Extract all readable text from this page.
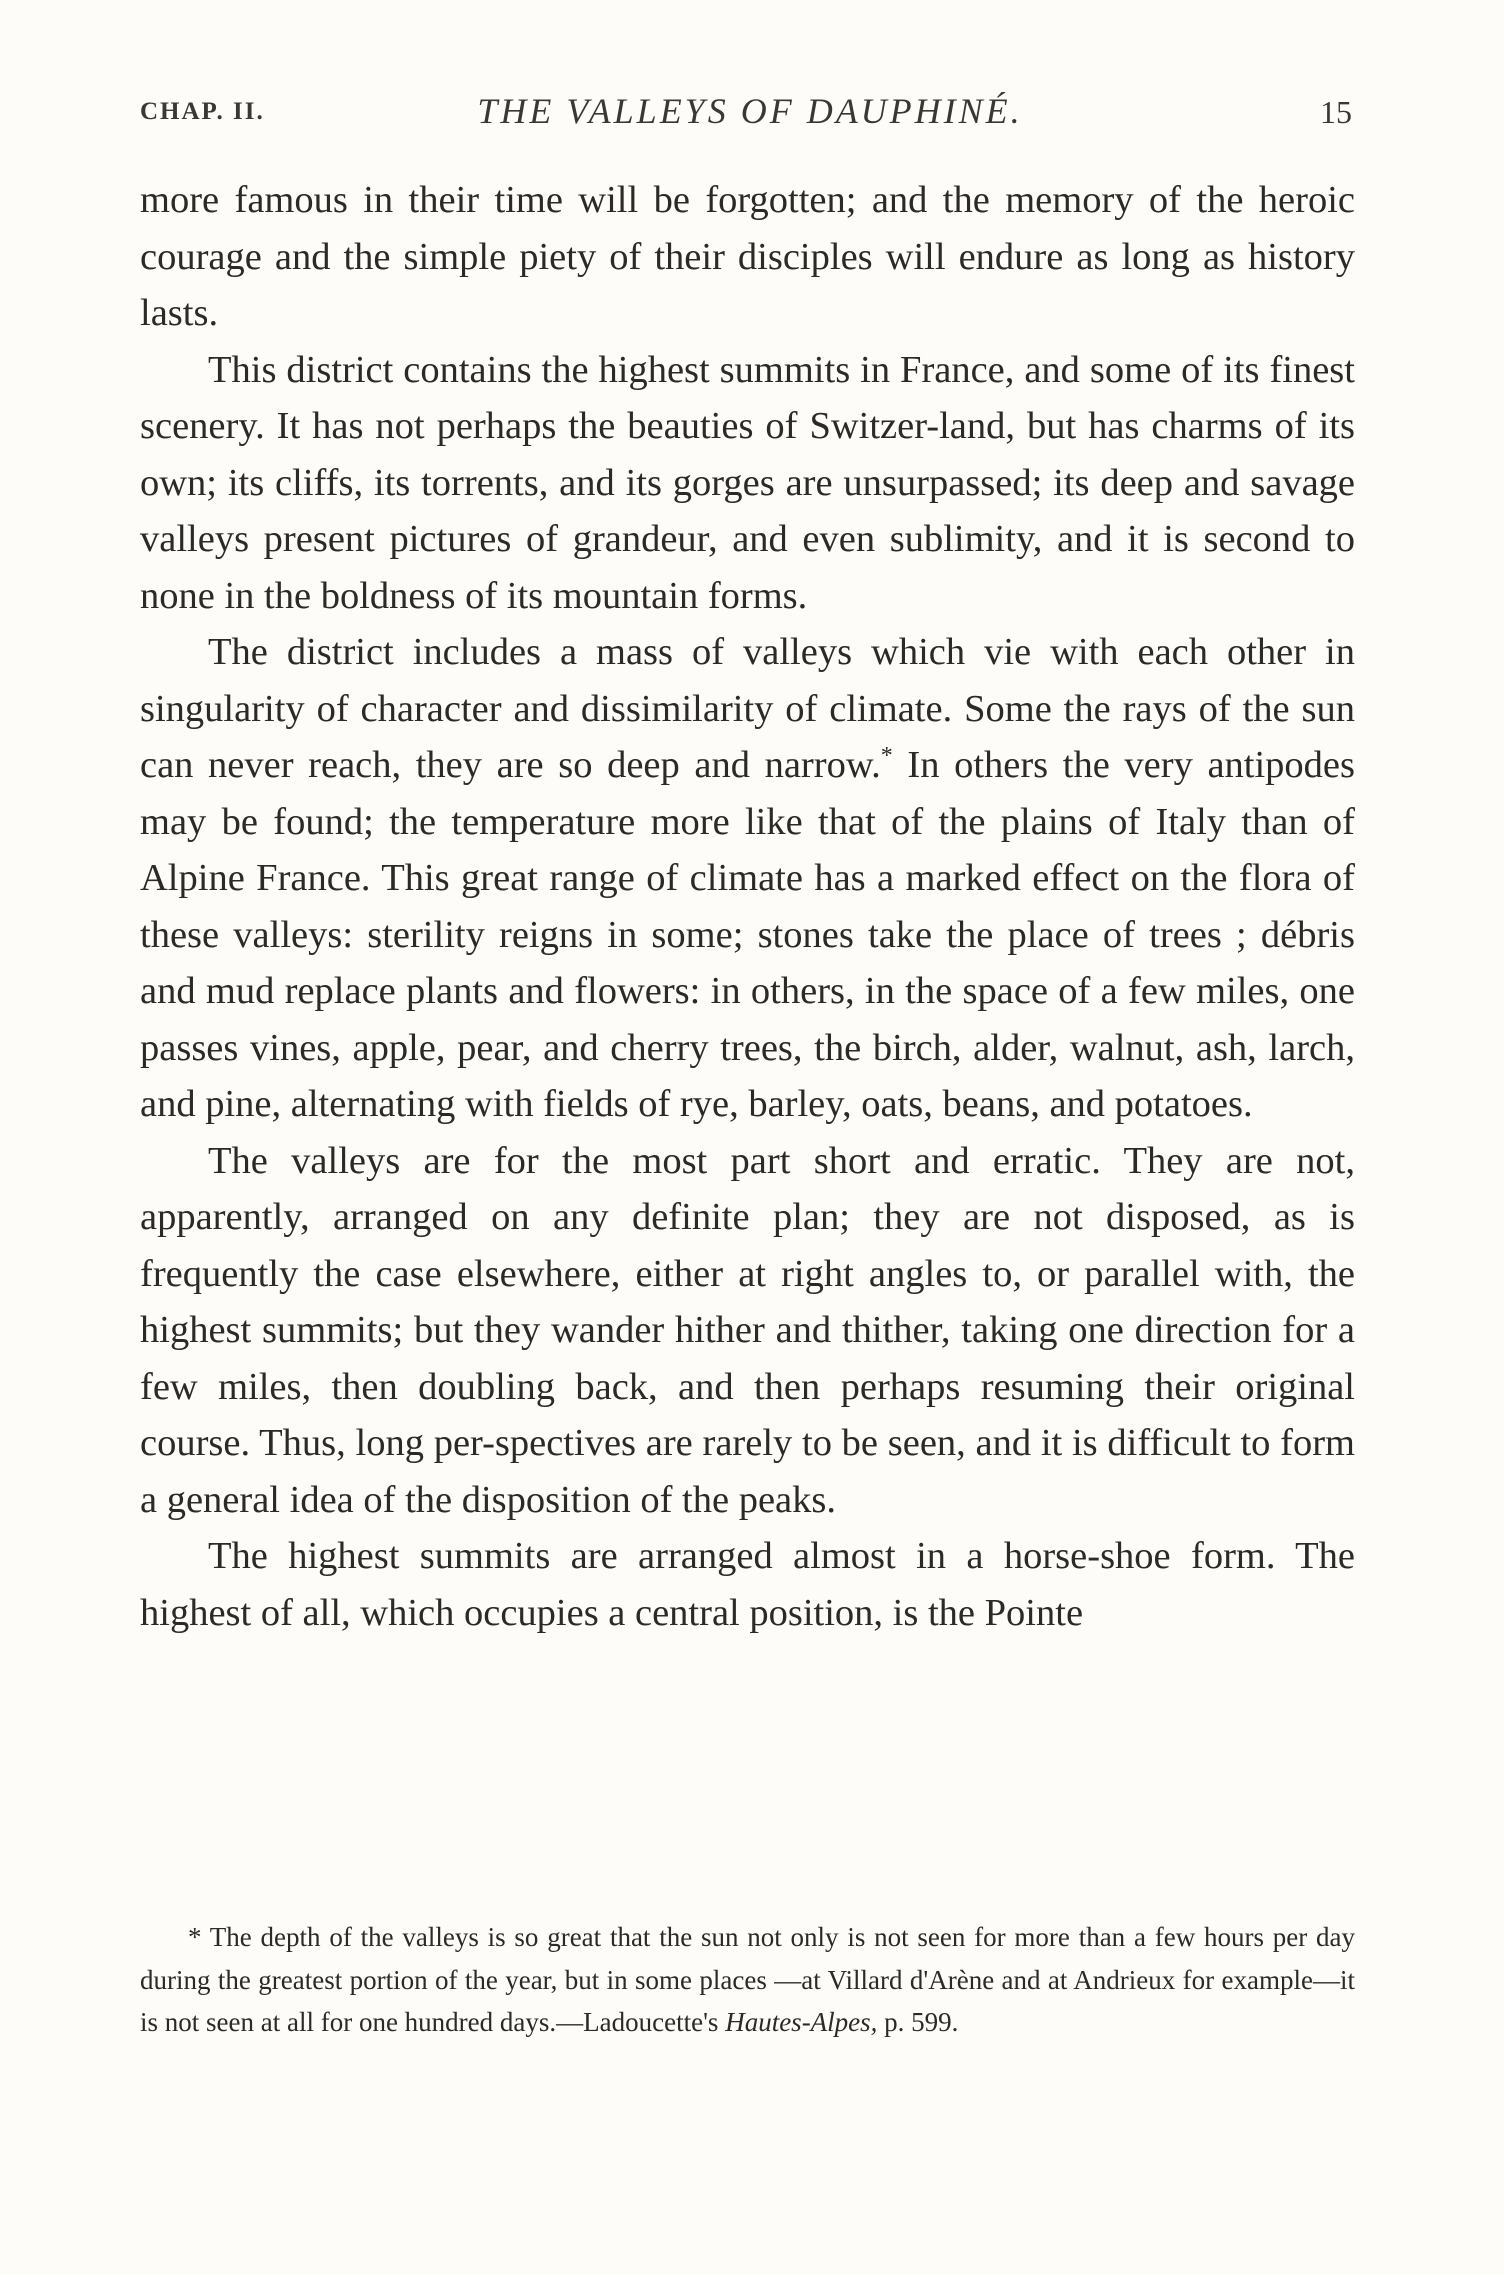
CHAP. II.	THE VALLEYS OF DAUPHINÉ.	15

more famous in their time will be forgotten; and the memory of the heroic courage and the simple piety of their disciples will endure as long as history lasts.

This district contains the highest summits in France, and some of its finest scenery. It has not perhaps the beauties of Switzer-land, but has charms of its own; its cliffs, its torrents, and its gorges are unsurpassed; its deep and savage valleys present pictures of grandeur, and even sublimity, and it is second to none in the boldness of its mountain forms.

The district includes a mass of valleys which vie with each other in singularity of character and dissimilarity of climate. Some the rays of the sun can never reach, they are so deep and narrow.* In others the very antipodes may be found; the temperature more like that of the plains of Italy than of Alpine France. This great range of climate has a marked effect on the flora of these valleys: sterility reigns in some; stones take the place of trees ; débris and mud replace plants and flowers: in others, in the space of a few miles, one passes vines, apple, pear, and cherry trees, the birch, alder, walnut, ash, larch, and pine, alternating with fields of rye, barley, oats, beans, and potatoes.

The valleys are for the most part short and erratic. They are not, apparently, arranged on any definite plan; they are not disposed, as is frequently the case elsewhere, either at right angles to, or parallel with, the highest summits; but they wander hither and thither, taking one direction for a few miles, then doubling back, and then perhaps resuming their original course. Thus, long per-spectives are rarely to be seen, and it is difficult to form a general idea of the disposition of the peaks.

The highest summits are arranged almost in a horse-shoe form. The highest of all, which occupies a central position, is the Pointe

* The depth of the valleys is so great that the sun not only is not seen for more than a few hours per day during the greatest portion of the year, but in some places —at Villard d'Arène and at Andrieux for example—it is not seen at all for one hundred days.—Ladoucette's Hautes-Alpes, p. 599.
